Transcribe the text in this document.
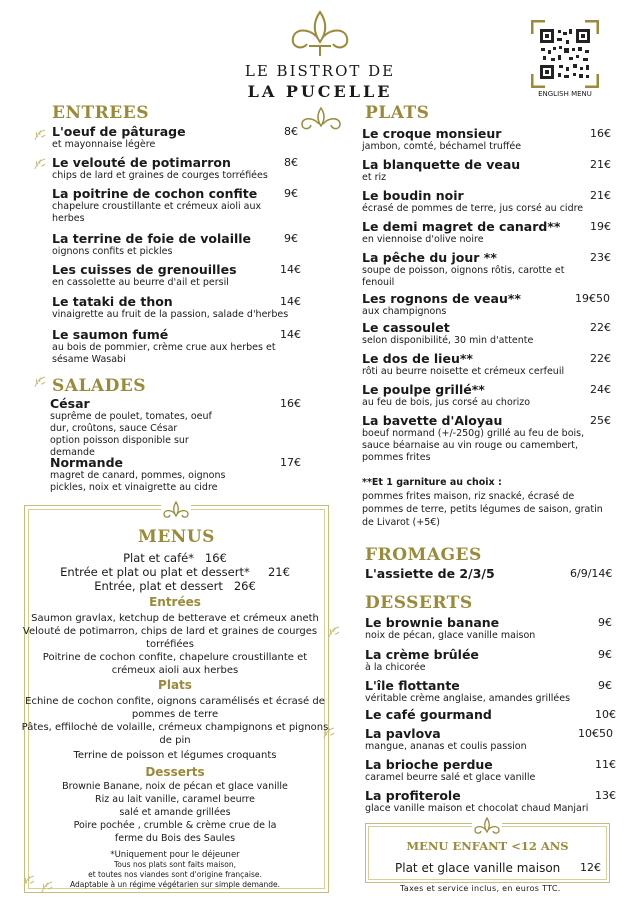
LE BISTROT DE
LA PUCELLE	ENGLISH MENU
ENTREES
L'oeuf de pâturage	8€
et mayonnaise légère
Le velouté de potimarron	8€
chips de lard et graines de courges torréfiées
La poitrine de cochon confite	9€
chapelure croustillante et crémeux aioli aux herbes
La terrine de foie de volaille	9€
oignons confits et pickles
Les cuisses de grenouilles	14€
en cassolette au beurre d'ail et persil
Le tataki de thon	14€
vinaigrette au fruit de la passion, salade d'herbes
Le saumon fumé	14€
au bois de pommier, crème crue aux herbes et sésame Wasabi
SALADES
César	16€
suprême de poulet, tomates, oeuf dur, croûtons, sauce César
option poisson disponible sur demande
Normande	17€
magret de canard, pommes, oignons pickles, noix et vinaigrette au cidre
MENUS
Plat et café* 16€
Entrée et plat ou plat et dessert* 21€
Entrée, plat et dessert 26€
Entrées
Saumon gravlax, ketchup de betterave et crémeux aneth
Velouté de potimarron, chips de lard et graines de courges torréfiées
Poitrine de cochon confite, chapelure croustillante et crémeux aioli aux herbes
Plats
Echine de cochon confite, oignons caramélisés et écrasé de pommes de terre
Pâtes, effilochė de volaille, crémeux champignons et pignons de pin
Terrine de poisson et légumes croquants
Desserts
Brownie Banane, noix de pécan et glace vanille
Riz au lait vanille, caramel beurre salé et amande grillées
Poire pochée , crumble & crème crue de la ferme du Bois des Saules
*Uniquement pour le déjeuner
Tous nos plats sont faits maison,
et toutes nos viandes sont d'origine française.
Adaptable à un régime végétarien sur simple demande.
PLATS
Le croque monsieur	16€
jambon, comté, béchamel truffée
La blanquette de veau	21€
et riz
Le boudin noir	21€
écrasé de pommes de terre, jus corsé au cidre
Le demi magret de canard**	19€
en viennoise d'olive noire
La pêche du jour **	23€
soupe de poisson, oignons rôtis, carotte et fenouil
Les rognons de veau**	19€50
aux champignons
Le cassoulet	22€
selon disponibilité, 30 min d'attente
Le dos de lieu**	22€
rôti au beurre noisette et crémeux cerfeuil
Le poulpe grillé**	24€
au feu de bois, jus corsé au chorizo
La bavette d'Aloyau	25€
boeuf normand (+/-250g) grillé au feu de bois, sauce béarnaise au vin rouge ou camembert, pommes frites
**Et 1 garniture au choix :
pommes frites maison, riz snacké, écrasé de pommes de terre, petits légumes de saison, gratin de Livarot (+5€)
FROMAGES
L'assiette de 2/3/5	6/9/14€
DESSERTS
Le brownie banane	9€
noix de pécan, glace vanille maison
La crème brûlée	9€
à la chicorée
L'île flottante	9€
véritable crème anglaise, amandes grillées
Le café gourmand	10€
La pavlova	10€50
mangue, ananas et coulis passion
La brioche perdue	11€
caramel beurre salé et glace vanille
La profiterole	13€
glace vanille maison et chocolat chaud Manjari
MENU ENFANT <12 ANS
Plat et glace vanille maison 12€
Taxes et service inclus, en euros TTC.
